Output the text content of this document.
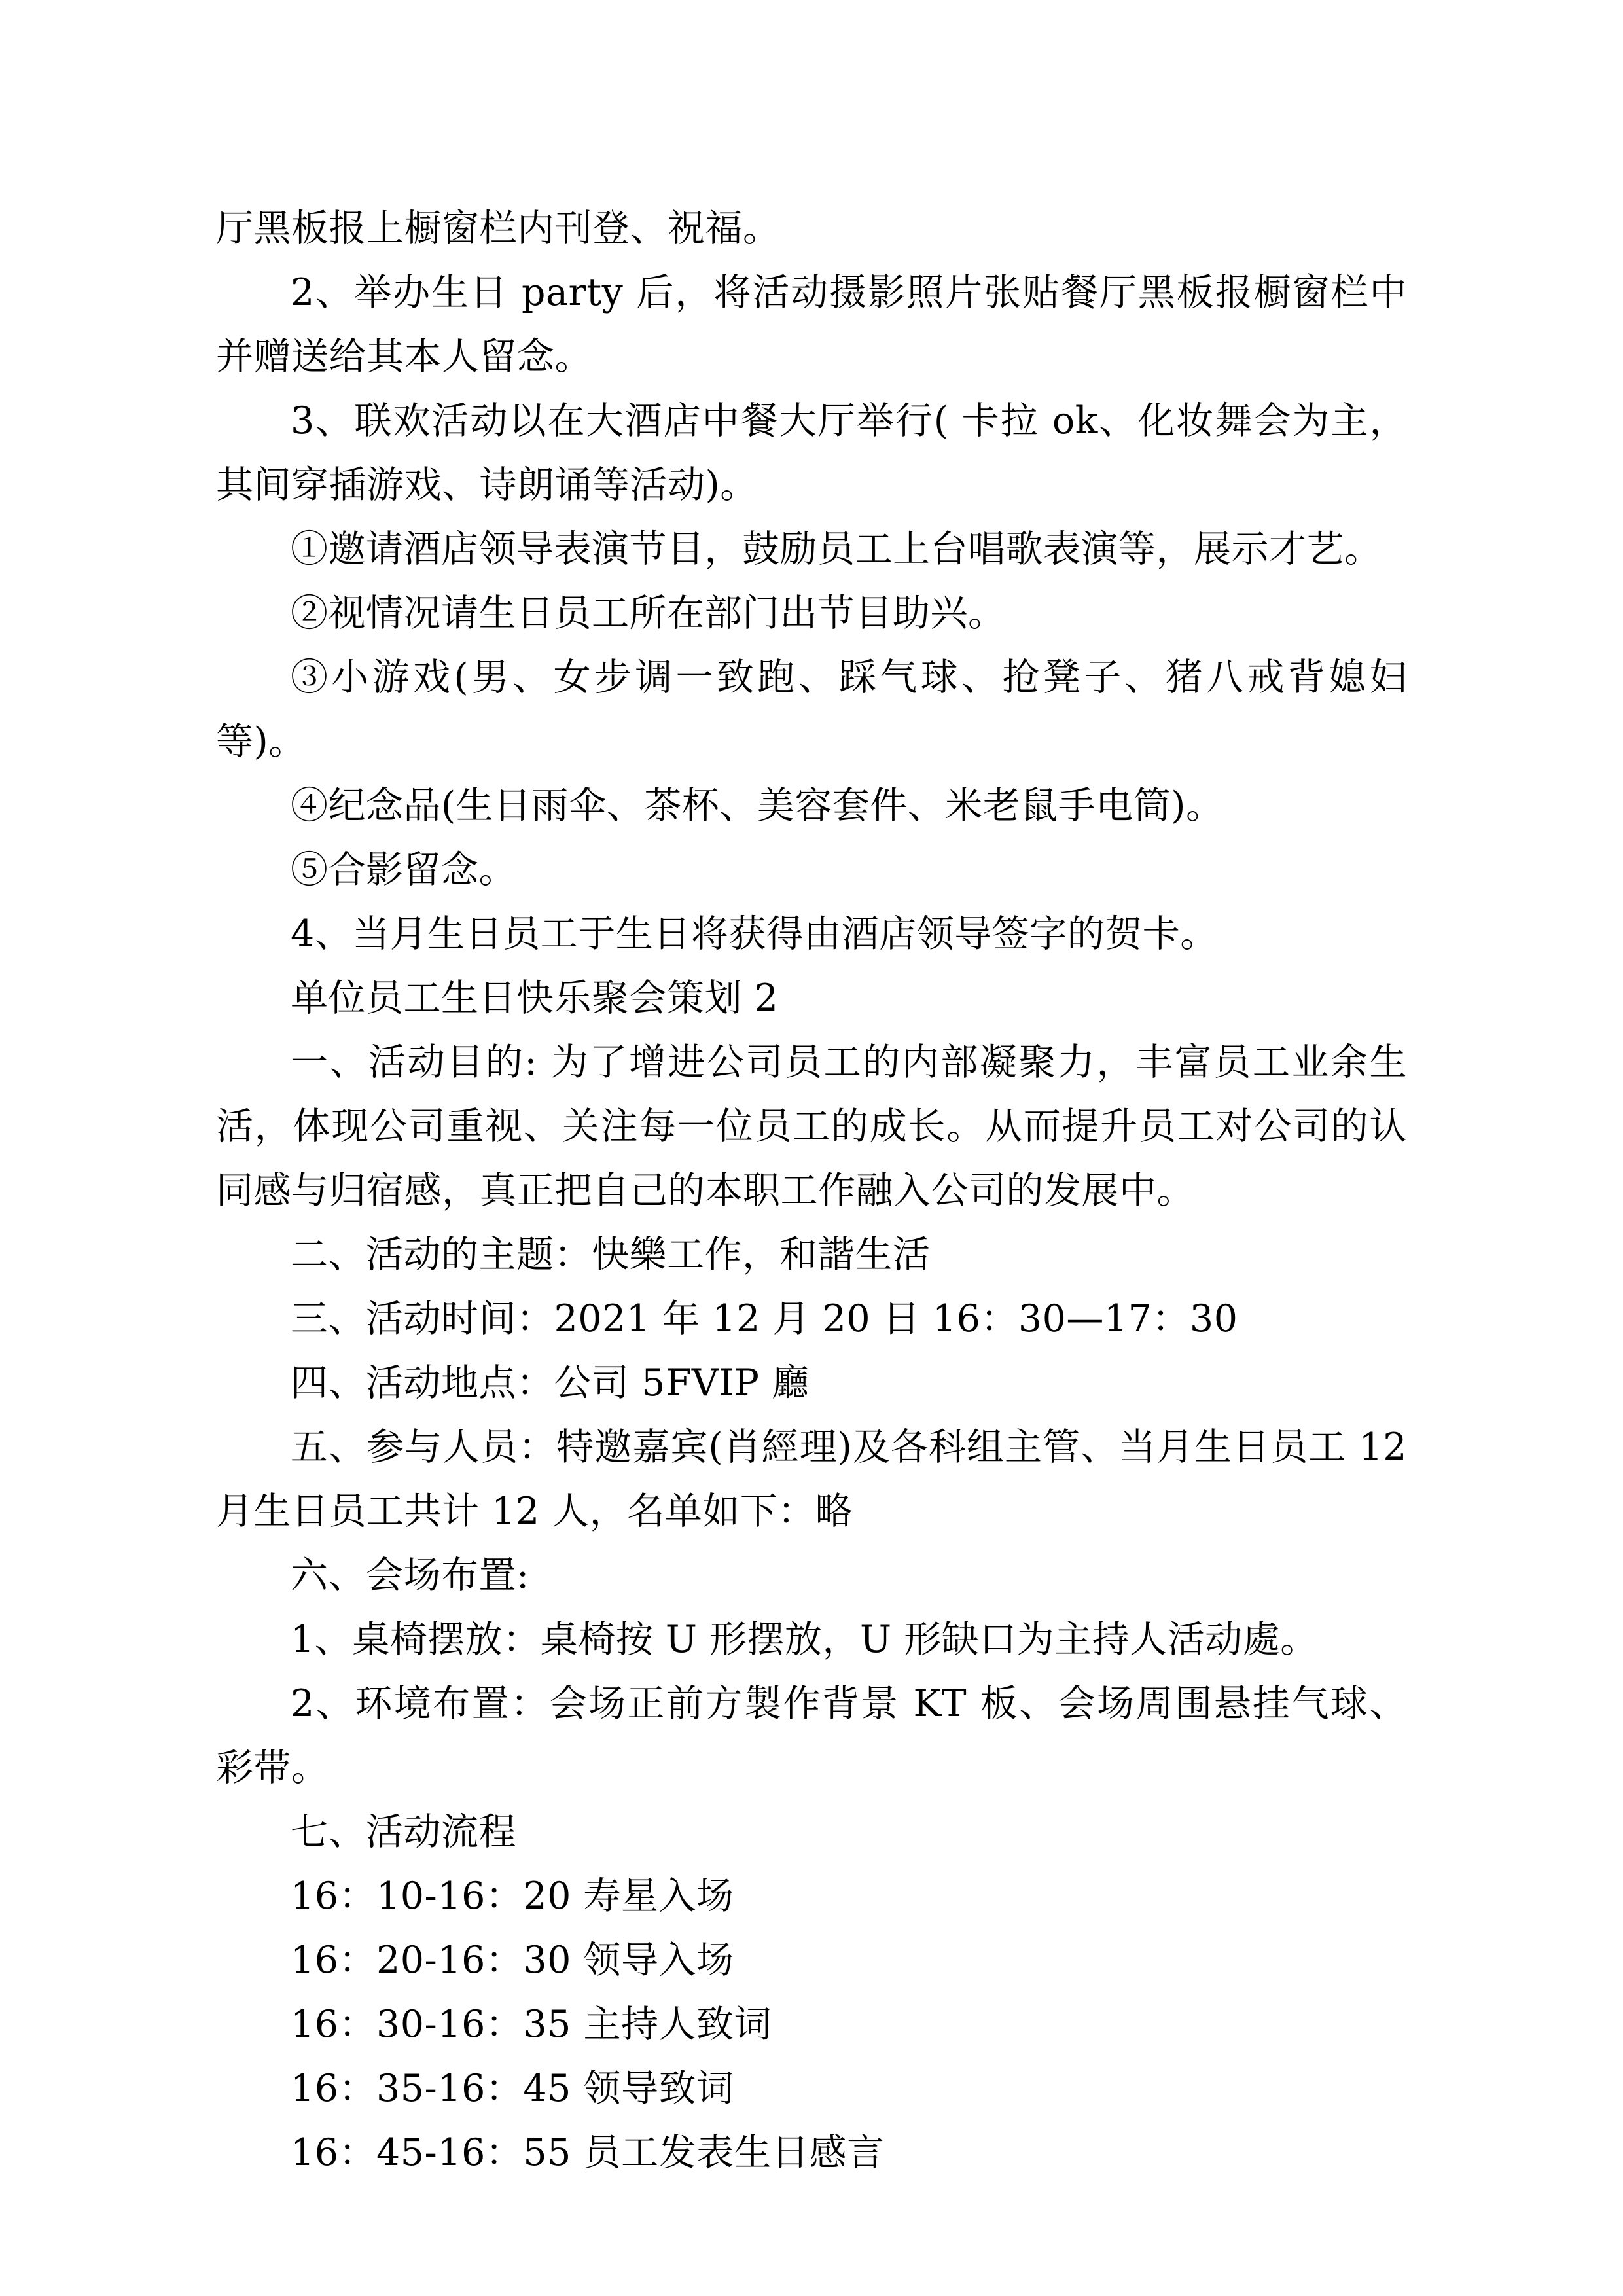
厅黑板报上橱窗栏内刊登、祝福。

2、举办生日 party 后，将活动摄影照片张贴餐厅黑板报橱窗栏中并赠送给其本人留念。

3、联欢活动以在大酒店中餐大厅举行( 卡拉 ok、化妆舞会为主，其间穿插游戏、诗朗诵等活动)。

①邀请酒店领导表演节目，鼓励员工上台唱歌表演等，展示才艺。

②视情况请生日员工所在部门出节目助兴。

③小游戏(男、女步调一致跑、踩气球、抢凳子、猪八戒背媳妇等)。

④纪念品(生日雨伞、茶杯、美容套件、米老鼠手电筒)。

⑤合影留念。

4、当月生日员工于生日将获得由酒店领导签字的贺卡。

单位员工生日快乐聚会策划 2

一、活动目的: 为了增进公司员工的内部凝聚力，丰富员工业余生活，体现公司重视、关注每一位员工的成长。从而提升员工对公司的认同感与归宿感，真正把自己的本职工作融入公司的发展中。

二、活动的主题：快樂工作，和諧生活

三、活动时间：2021 年 12 月 20 日 16：30—17：30

四、活动地点：公司 5FVIP 廳

五、参与人员：特邀嘉宾(肖經理)及各科组主管、当月生日员工 12 月生日员工共计 12 人，名单如下：略

六、会场布置:

1、桌椅摆放：桌椅按 U 形摆放，U 形缺口为主持人活动處。

2、环境布置：会场正前方製作背景 KT 板、会场周围悬挂气球、彩带。

七、活动流程

16：10-16：20 寿星入场

16：20-16：30 领导入场

16：30-16：35 主持人致词

16：35-16：45 领导致词

16：45-16：55 员工发表生日感言
